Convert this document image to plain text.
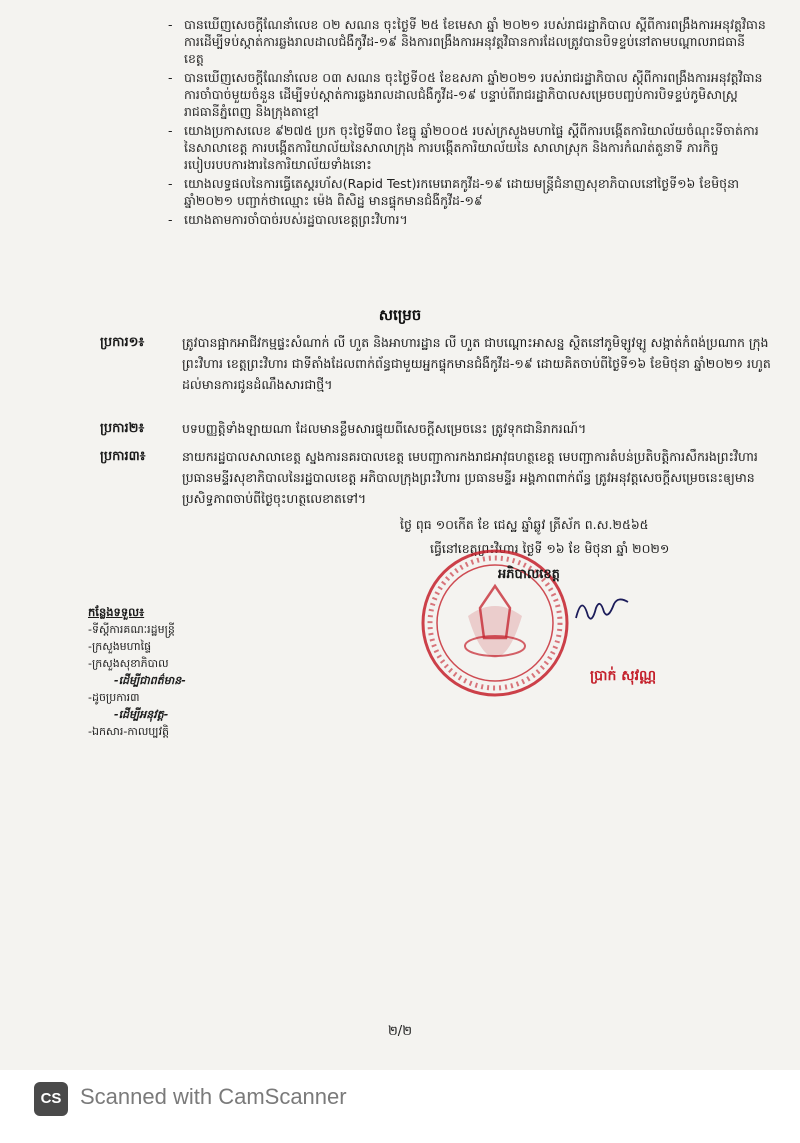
- បានឃើញសេចក្តីណែនាំលេខ ០២ សណន ចុះថ្ងៃទី ២៥ ខែមេសា ឆ្នាំ ២០២១ របស់រាជរដ្ឋាភិបាល ស្តីពីការពង្រឹងការអនុវត្តវិធានការដើម្បីទប់ស្កាត់ការឆ្លងរាលដាលជំងឺកូវីដ-១៩ និងការពង្រឹងការអនុវត្តវិធានការដែលត្រូវបានបិទខ្ទប់នៅតាមបណ្តាលរាជធានី ខេត្ត
- បានឃើញសេចក្តីណែនាំលេខ ០៣ សណន ចុះថ្ងៃទី០៥ ខែឧសភា ឆ្នាំ២០២១ របស់រាជរដ្ឋាភិបាល ស្តីពីការពង្រឹងការអនុវត្តវិធានការចាំបាច់មួយចំនួន ដើម្បីទប់ស្កាត់ការឆ្លងរាលដាលជំងឺកូវីដ-១៩ បន្ទាប់ពីរាជរដ្ឋាភិបាលសម្រេចបញ្ចប់ការបិទខ្ទប់ភូមិសាស្ត្ររាជធានីភ្នំពេញ និងក្រុងតាខ្មៅ
- យោងប្រកាសលេខ ៩២៧៥ ប្រក ចុះថ្ងៃទី៣០ ខែធ្នូ ឆ្នាំ២០០៥ របស់ក្រសួងមហាផ្ទៃ ស្តីពីការបង្កើតការិយាល័យចំណុះទីចាត់ការនៃសាលាខេត្ត ការបង្កើតការិយាល័យនៃសាលាក្រុង ការបង្កើតការិយាល័យនៃ សាលាស្រុក និងការកំណត់តួនាទី ភារកិច្ច របៀបរបបការងារនៃការិយាល័យទាំងនោះ
- យោងលទ្ធផលនៃការធ្វើតេស្តរហ័ស(Rapid Test)រកមេរោគកូវីដ-១៩ ដោយមន្ត្រីជំនាញសុខាភិបាលនៅថ្ងៃទី១៦ ខែមិថុនា ឆ្នាំ២០២១ បញ្ជាក់ថាឈ្មោះ ម៉េង ពិសិដ្ឋ មានផ្ទុកមានជំងឺកូវីដ-១៩
- យោងតាមការចាំបាច់របស់រដ្ឋបាលខេត្តព្រះវិហារ។
សម្រេច
ប្រការ១៖	ត្រូវបានផ្អាកអាជីវកម្មផ្ទះសំណាក់ លី ហួត និងអាហារដ្ឋាន លី ហួត ជាបណ្តោះអាសន្ន ស្ថិតនៅភូមិឡូវឡូ សង្កាត់កំពង់ប្រណាក ក្រុងព្រះវិហារ ខេត្តព្រះវិហារ ជាទីតាំងដែលពាក់ព័ន្ធជាមួយអ្នកផ្ទុកមានជំងឺកូវីដ-១៩ ដោយគិតចាប់ពីថ្ងៃទី១៦ ខែមិថុនា ឆ្នាំ២០២១ រហូតដល់មានការជូនដំណឹងសារជាថ្មី។
ប្រការ២៖	បទបញ្ញត្តិទាំងឡាយណា ដែលមានខ្លឹមសារផ្ទុយពីសេចក្តីសម្រេចនេះ ត្រូវទុកជានិរាករណ៍។
ប្រការ៣៖	នាយករដ្ឋបាលសាលាខេត្ត ស្នងការនគរបាលខេត្ត មេបញ្ជាការកងរាជអាវុធហត្ថខេត្ត មេបញ្ជាការតំបន់ប្រតិបត្តិការសឹករងព្រះវិហារ ប្រធានមន្ទីរសុខាភិបាលនៃរដ្ឋបាលខេត្ត អភិបាលក្រុងព្រះវិហារ ប្រធានមន្ទីរ អង្គភាពពាក់ព័ន្ធ ត្រូវអនុវត្តសេចក្តីសម្រេចនេះឲ្យមានប្រសិទ្ធភាពចាប់ពីថ្ងៃចុះហត្ថលេខាតទៅ។
ថ្ងៃ ពុធ ១០កើត ខែ ជេស្ឋ ឆ្នាំឆ្លូវ ត្រីស័ក ព.ស.២៥៦៥
ធ្វើនៅខេត្តព្រះវិហារ ថ្ងៃទី ១៦ ខែ មិថុនា ឆ្នាំ ២០២១
អភិបាលខេត្ត
ប្រាក់ សុវណ្ណ
កន្លែងទទួល៖
-ទីស្តីការគណៈរដ្ឋមន្ត្រី
-ក្រសួងមហាផ្ទៃ
-ក្រសួងសុខាភិបាល
-ដើម្បីជាពត៌មាន-
-ដូចប្រការ៣
-ដើម្បីអនុវត្ត-
-ឯកសារ-កាលប្បវត្តិ
២/២
CS Scanned with CamScanner
